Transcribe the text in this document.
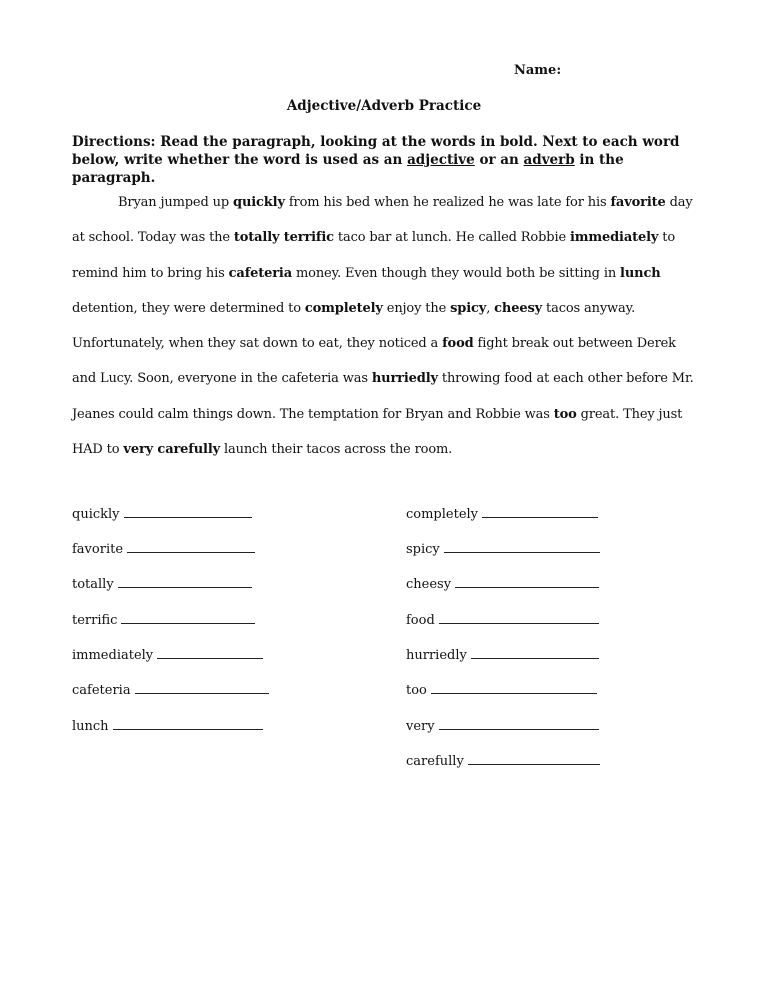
Name:
Adjective/Adverb Practice
Directions: Read the paragraph, looking at the words in bold. Next to each word below, write whether the word is used as an adjective or an adverb in the paragraph.
Bryan jumped up quickly from his bed when he realized he was late for his favorite day at school. Today was the totally terrific taco bar at lunch. He called Robbie immediately to remind him to bring his cafeteria money. Even though they would both be sitting in lunch detention, they were determined to completely enjoy the spicy, cheesy tacos anyway. Unfortunately, when they sat down to eat, they noticed a food fight break out between Derek and Lucy. Soon, everyone in the cafeteria was hurriedly throwing food at each other before Mr. Jeanes could calm things down. The temptation for Bryan and Robbie was too great. They just HAD to very carefully launch their tacos across the room.
quickly
favorite
totally
terrific
immediately
cafeteria
lunch
completely
spicy
cheesy
food
hurriedly
too
very
carefully
